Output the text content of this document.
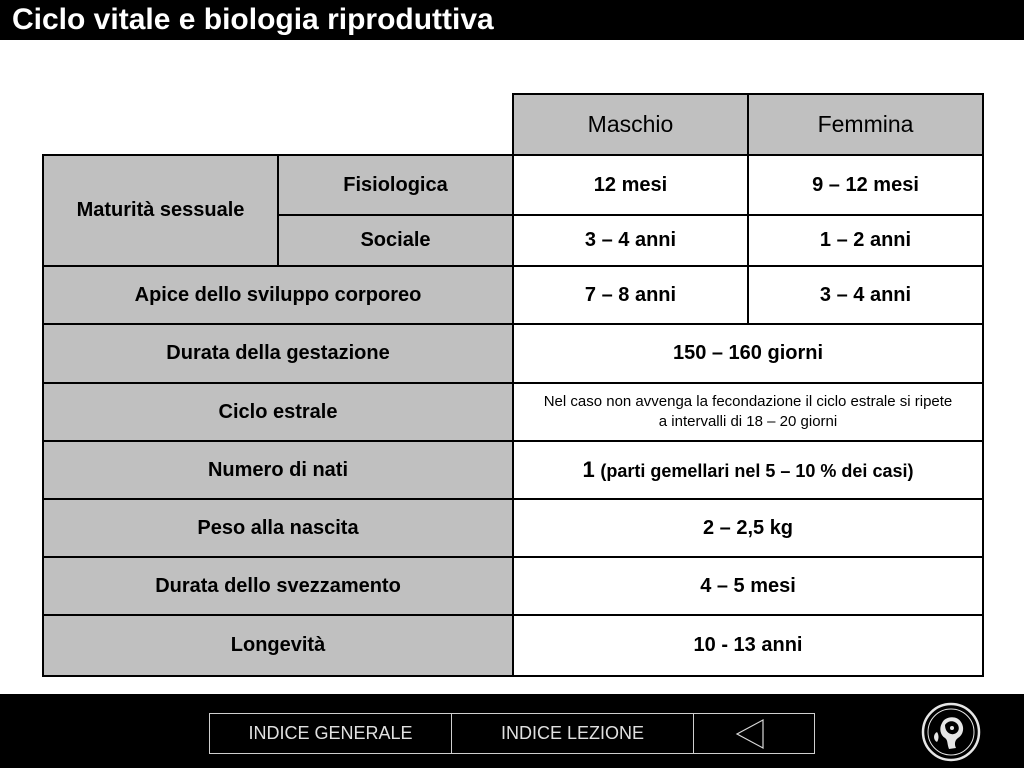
Ciclo vitale e biologia riproduttiva
		Maschio	Femmina
Maturità sessuale	Fisiologica	12 mesi	9 – 12 mesi
	Sociale	3 – 4 anni	1 – 2 anni
Apice dello sviluppo corporeo		7 – 8 anni	3 – 4 anni
Durata della gestazione		150 – 160 giorni	
Ciclo estrale		Nel caso non avvenga la fecondazione il ciclo estrale si ripete
a intervalli di 18 – 20 giorni	
Numero di nati		1 (parti gemellari nel 5 – 10 % dei casi)	
Peso alla nascita		2 – 2,5 kg	
Durata dello svezzamento		4 – 5 mesi	
Longevità		10 - 13 anni	
INDICE GENERALE	INDICE LEZIONE
